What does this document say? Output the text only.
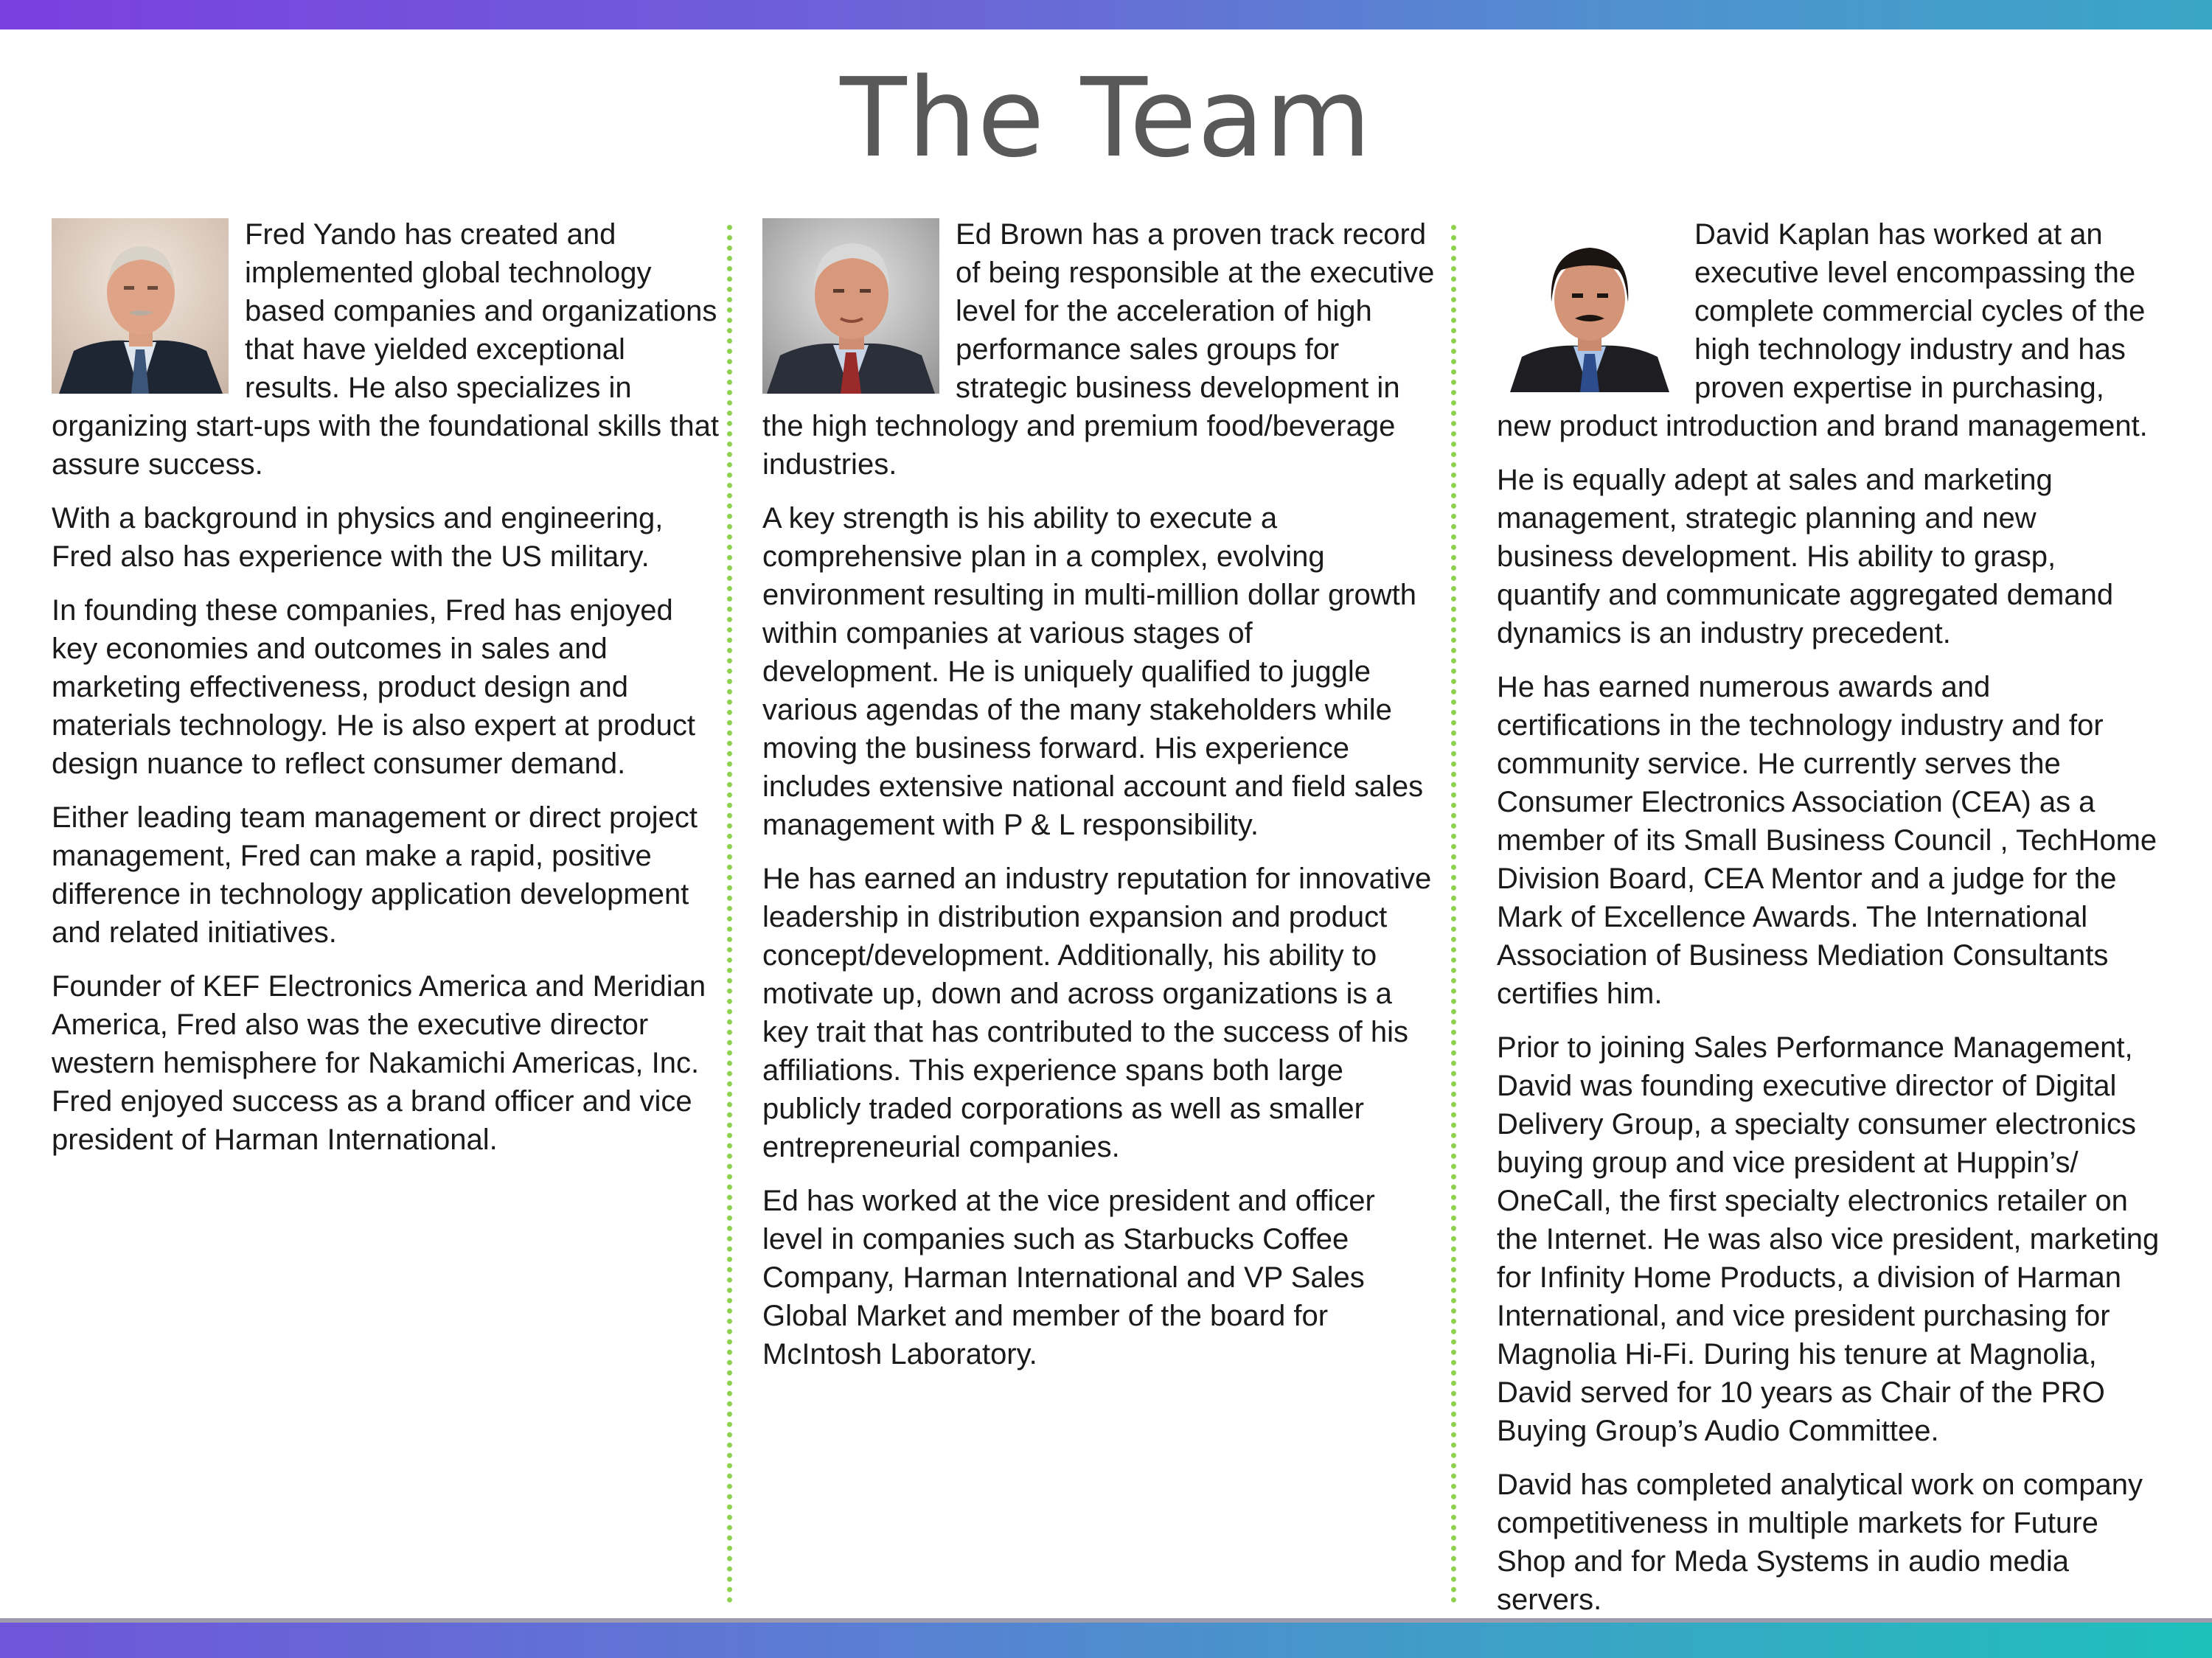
The Team

Fred Yando has created and implemented global technology based companies and organizations that have yielded exceptional results. He also specializes in organizing start-ups with the foundational skills that assure success.

With a background in physics and engineering, Fred also has experience with the US military.

In founding these companies, Fred has enjoyed key economies and outcomes in sales and marketing effectiveness, product design and materials technology. He is also expert at product design nuance to reflect consumer demand.

Either leading team management or direct project management, Fred can make a rapid, positive difference in technology application development and related initiatives.

Founder of KEF Electronics America and Meridian America, Fred also was the executive director western hemisphere for Nakamichi Americas, Inc. Fred enjoyed success as a brand officer and vice president of Harman International.

Ed Brown has a proven track record of being responsible at the executive level for the acceleration of high performance sales groups for strategic business development in the high technology and premium food/beverage industries.

A key strength is his ability to execute a comprehensive plan in a complex, evolving environment resulting in multi-million dollar growth within companies at various stages of development. He is uniquely qualified to juggle various agendas of the many stakeholders while moving the business forward. His experience includes extensive national account and field sales management with P & L responsibility.

He has earned an industry reputation for innovative leadership in distribution expansion and product concept/development. Additionally, his ability to motivate up, down and across organizations is a key trait that has contributed to the success of his affiliations. This experience spans both large publicly traded corporations as well as smaller entrepreneurial companies.

Ed has worked at the vice president and officer level in companies such as Starbucks Coffee Company, Harman International and VP Sales Global Market and member of the board for McIntosh Laboratory.

David Kaplan has worked at an executive level encompassing the complete commercial cycles of the high technology industry and has proven expertise in purchasing, new product introduction and brand management.

He is equally adept at sales and marketing management, strategic planning and new business development. His ability to grasp, quantify and communicate aggregated demand dynamics is an industry precedent.

He has earned numerous awards and certifications in the technology industry and for community service. He currently serves the Consumer Electronics Association (CEA) as a member of its Small Business Council , TechHome Division Board, CEA Mentor and a judge for the Mark of Excellence Awards. The International Association of Business Mediation Consultants certifies him.

Prior to joining Sales Performance Management, David was founding executive director of Digital Delivery Group, a specialty consumer electronics buying group and vice president at Huppin’s/ OneCall, the first specialty electronics retailer on the Internet. He was also vice president, marketing for Infinity Home Products, a division of Harman International, and vice president purchasing for Magnolia Hi-Fi. During his tenure at Magnolia, David served for 10 years as Chair of the PRO Buying Group’s Audio Committee.

David has completed analytical work on company competitiveness in multiple markets for Future Shop and for Meda Systems in audio media servers.
